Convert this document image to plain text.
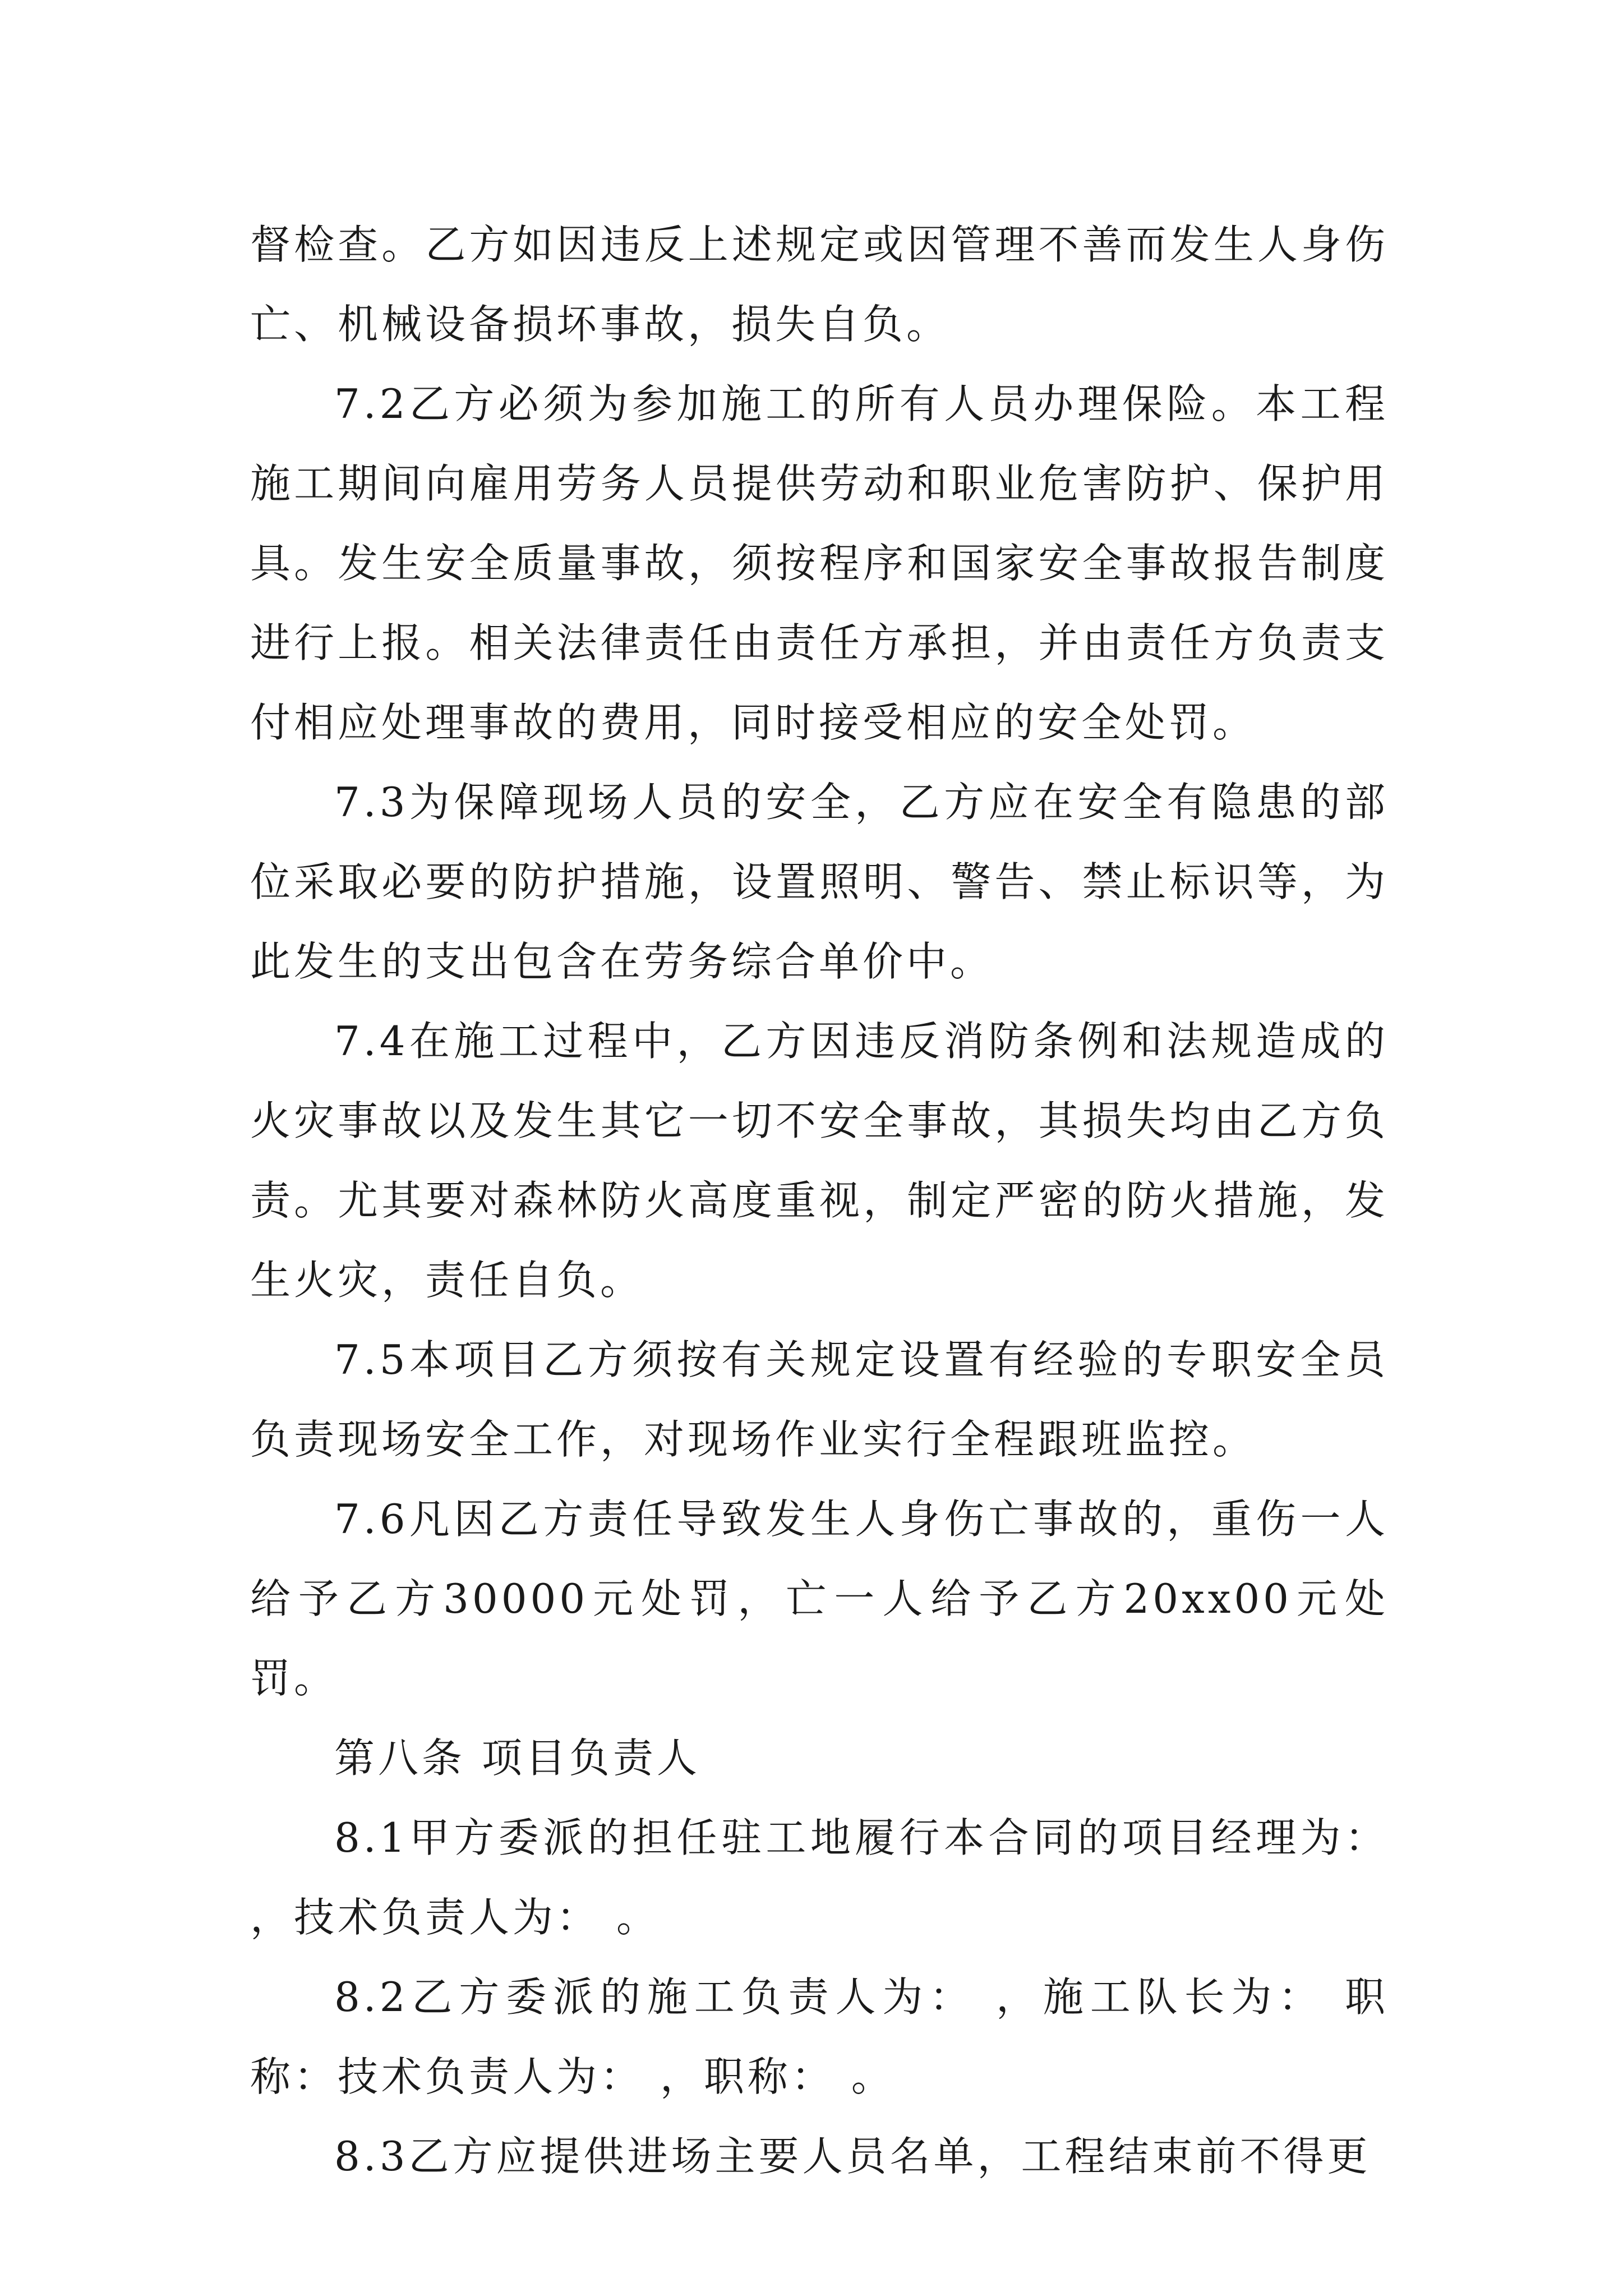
督检查。乙方如因违反上述规定或因管理不善而发生人身伤亡、机械设备损坏事故，损失自负。

7.2乙方必须为参加施工的所有人员办理保险。本工程施工期间向雇用劳务人员提供劳动和职业危害防护、保护用具。发生安全质量事故，须按程序和国家安全事故报告制度进行上报。相关法律责任由责任方承担，并由责任方负责支付相应处理事故的费用，同时接受相应的安全处罚。

7.3为保障现场人员的安全，乙方应在安全有隐患的部位采取必要的防护措施，设置照明、警告、禁止标识等，为此发生的支出包含在劳务综合单价中。

7.4在施工过程中，乙方因违反消防条例和法规造成的火灾事故以及发生其它一切不安全事故，其损失均由乙方负责。尤其要对森林防火高度重视，制定严密的防火措施，发生火灾，责任自负。

7.5本项目乙方须按有关规定设置有经验的专职安全员负责现场安全工作，对现场作业实行全程跟班监控。

7.6凡因乙方责任导致发生人身伤亡事故的，重伤一人给予乙方30000元处罚，亡一人给予乙方20xx00元处罚。

第八条 项目负责人

8.1甲方委派的担任驻工地履行本合同的项目经理为： ，技术负责人为： 。

8.2乙方委派的施工负责人为： ，施工队长为： 职称：技术负责人为： ，职称： 。

8.3乙方应提供进场主要人员名单，工程结束前不得更
